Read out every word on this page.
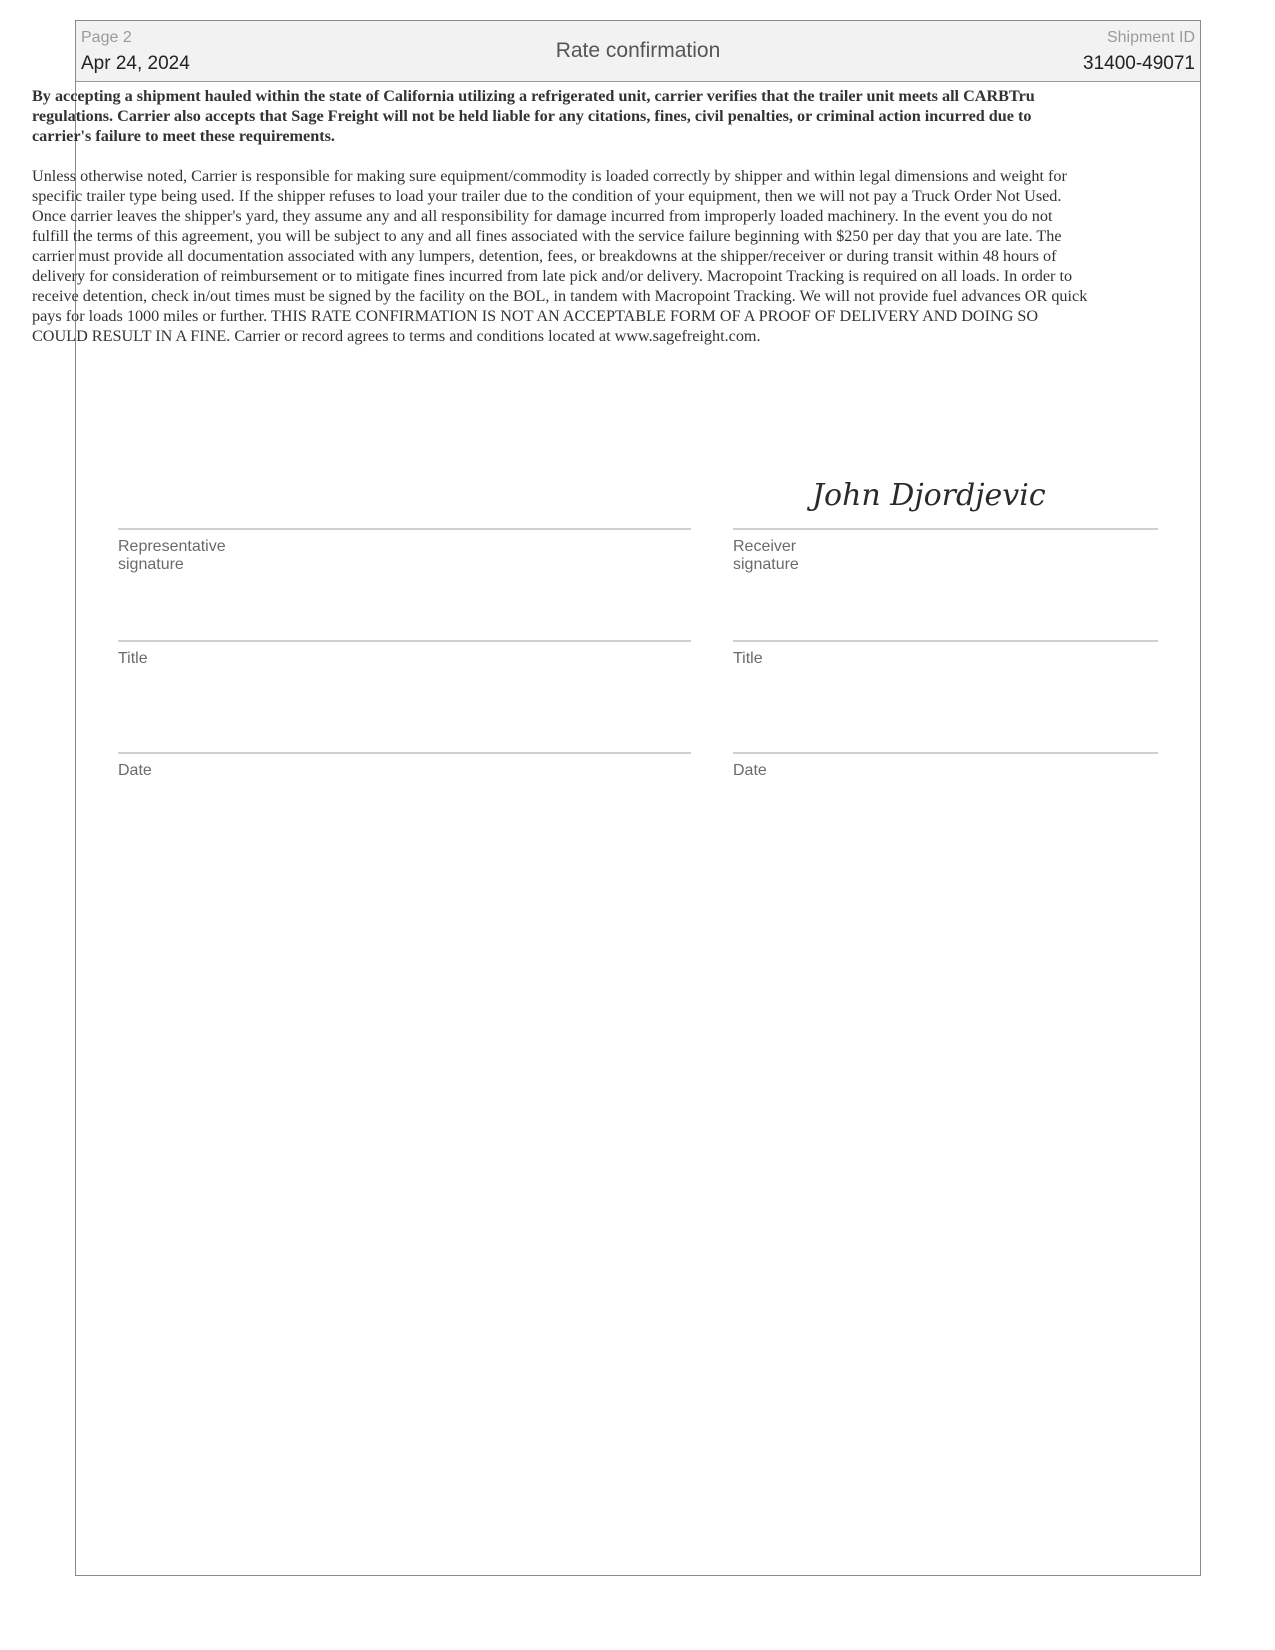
Page 2
Apr 24, 2024
Rate confirmation
Shipment ID
31400-49071

By accepting a shipment hauled within the state of California utilizing a refrigerated unit, carrier verifies that the trailer unit meets all CARBTru regulations. Carrier also accepts that Sage Freight will not be held liable for any citations, fines, civil penalties, or criminal action incurred due to carrier's failure to meet these requirements.

Unless otherwise noted, Carrier is responsible for making sure equipment/commodity is loaded correctly by shipper and within legal dimensions and weight for specific trailer type being used. If the shipper refuses to load your trailer due to the condition of your equipment, then we will not pay a Truck Order Not Used. Once carrier leaves the shipper's yard, they assume any and all responsibility for damage incurred from improperly loaded machinery. In the event you do not fulfill the terms of this agreement, you will be subject to any and all fines associated with the service failure beginning with $250 per day that you are late. The carrier must provide all documentation associated with any lumpers, detention, fees, or breakdowns at the shipper/receiver or during transit within 48 hours of delivery for consideration of reimbursement or to mitigate fines incurred from late pick and/or delivery. Macropoint Tracking is required on all loads. In order to receive detention, check in/out times must be signed by the facility on the BOL, in tandem with Macropoint Tracking. We will not provide fuel advances OR quick pays for loads 1000 miles or further. THIS RATE CONFIRMATION IS NOT AN ACCEPTABLE FORM OF A PROOF OF DELIVERY AND DOING SO COULD RESULT IN A FINE. Carrier or record agrees to terms and conditions located at www.sagefreight.com.

Representative signature
Receiver signature
Title	Title
Date	Date
John Djordjevic
